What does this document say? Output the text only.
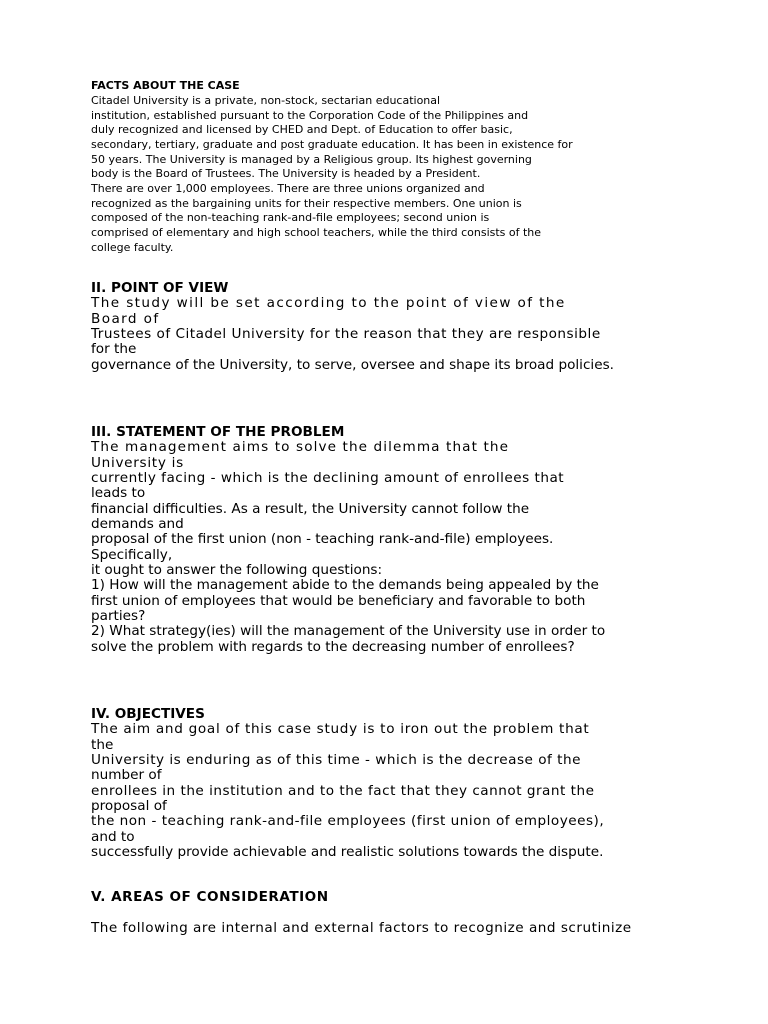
FACTS ABOUT THE CASE
Citadel University is a private, non-stock, sectarian educational
institution, established pursuant to the Corporation Code of the Philippines and
duly recognized and licensed by CHED and Dept. of Education to offer basic,
secondary, tertiary, graduate and post graduate education. It has been in existence for
50 years. The University is managed by a Religious group. Its highest governing
body is the Board of Trustees. The University is headed by a President.
There are over 1,000 employees. There are three unions organized and
recognized as the bargaining units for their respective members. One union is
composed of the non-teaching rank-and-file employees; second union is
comprised of elementary and high school teachers, while the third consists of the
college faculty.
II. POINT OF VIEW
The study will be set according to the point of view of the
Board of
Trustees of Citadel University for the reason that they are responsible
for the
governance of the University, to serve, oversee and shape its broad policies.
III. STATEMENT OF THE PROBLEM
The management aims to solve the dilemma that the
University is
currently facing - which is the declining amount of enrollees that
leads to
financial difficulties. As a result, the University cannot follow the
demands and
proposal of the first union (non - teaching rank-and-file) employees.
Specifically,
it ought to answer the following questions:
1) How will the management abide to the demands being appealed by the
first union of employees that would be beneficiary and favorable to both
parties?
2) What strategy(ies) will the management of the University use in order to
solve the problem with regards to the decreasing number of enrollees?
IV. OBJECTIVES
The aim and goal of this case study is to iron out the problem that
the
University is enduring as of this time - which is the decrease of the
number of
enrollees in the institution and to the fact that they cannot grant the
proposal of
the non - teaching rank-and-file employees (first union of employees),
and to
successfully provide achievable and realistic solutions towards the dispute.
V. AREAS OF CONSIDERATION
The following are internal and external factors to recognize and scrutinize
